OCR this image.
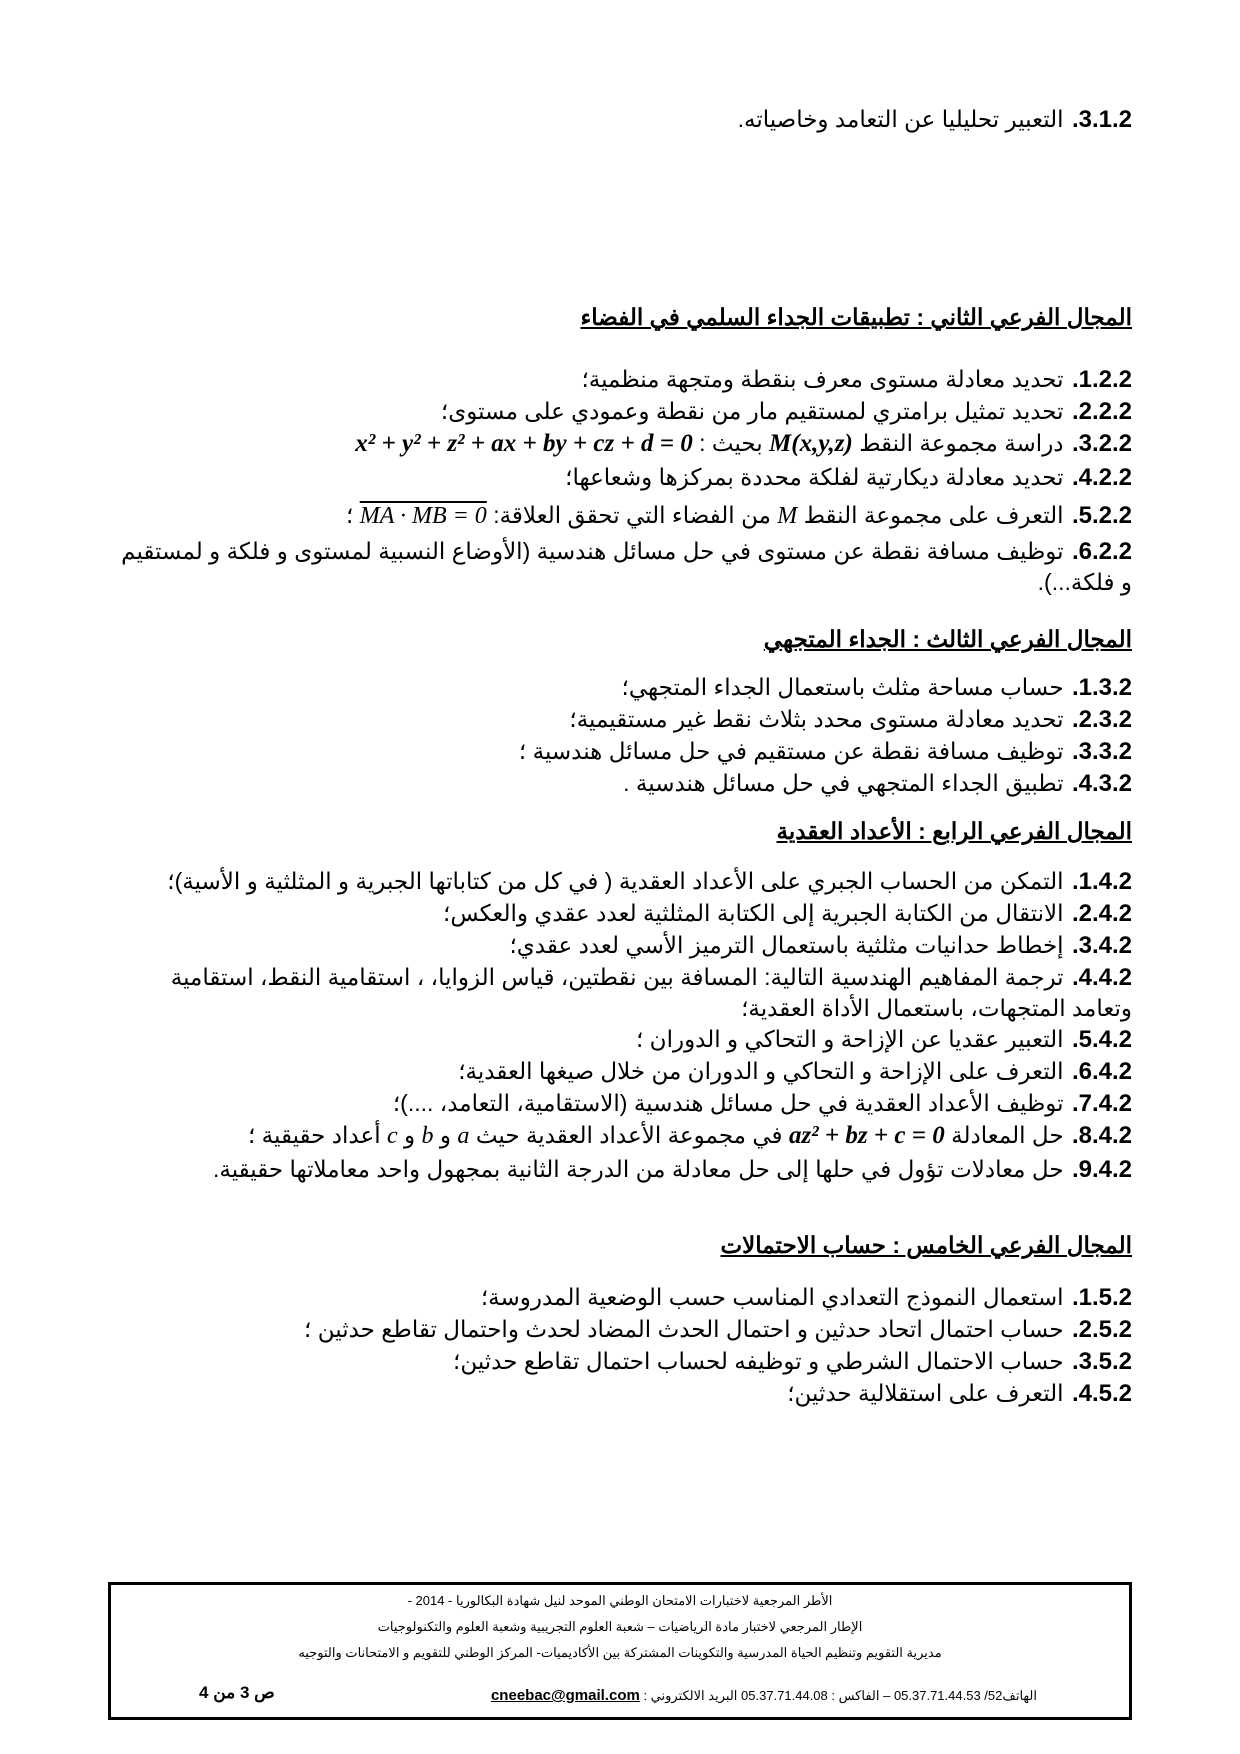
3.1.2. التعبير تحليليا عن التعامد وخاصياته.
المجال الفرعي الثاني : تطبيقات الجداء السلمي في الفضاء
1.2.2. تحديد معادلة مستوى معرف بنقطة ومتجهة منظمية؛
2.2.2. تحديد تمثيل برامتري لمستقيم مار من نقطة وعمودي على مستوى؛
3.2.2. دراسة مجموعة النقط M(x,y,z) بحيث : x² + y² + z² + ax + by + cz + d = 0
4.2.2. تحديد معادلة ديكارتية لفلكة محددة بمركزها وشعاعها؛
5.2.2. التعرف على مجموعة النقط M من الفضاء التي تحقق العلاقة: MA · MB = 0 ؛
6.2.2. توظيف مسافة نقطة عن مستوى في حل مسائل هندسية (الأوضاع النسبية لمستوى و فلكة و لمستقيم و فلكة...).
المجال الفرعي الثالث : الجداء المتجهي
1.3.2. حساب مساحة مثلث باستعمال الجداء المتجهي؛
2.3.2. تحديد معادلة مستوى محدد بثلاث نقط غير مستقيمية؛
3.3.2. توظيف مسافة نقطة عن مستقيم في حل مسائل هندسية ؛
4.3.2. تطبيق الجداء المتجهي في حل مسائل هندسية .
المجال الفرعي الرابع : الأعداد العقدية
1.4.2. التمكن من الحساب الجبري على الأعداد العقدية ( في كل من كتاباتها الجبرية و المثلثية و الأسية)؛
2.4.2. الانتقال من الكتابة الجبرية إلى الكتابة المثلثية لعدد عقدي والعكس؛
3.4.2. إخطاط حدانيات مثلثية باستعمال الترميز الأسي لعدد عقدي؛
4.4.2. ترجمة المفاهيم الهندسية التالية: المسافة بين نقطتين، قياس الزوايا، ، استقامية النقط، استقامية وتعامد المتجهات، باستعمال الأداة العقدية؛
5.4.2. التعبير عقديا عن الإزاحة و التحاكي و الدوران ؛
6.4.2. التعرف على الإزاحة و التحاكي و الدوران من خلال صيغها العقدية؛
7.4.2. توظيف الأعداد العقدية في حل مسائل هندسية (الاستقامية، التعامد، ....)؛
8.4.2. حل المعادلة az² + bz + c = 0 في مجموعة الأعداد العقدية حيث a و b و c أعداد حقيقية ؛
9.4.2. حل معادلات تؤول في حلها إلى حل معادلة من الدرجة الثانية بمجهول واحد معاملاتها حقيقية.
المجال الفرعي الخامس : حساب الاحتمالات
1.5.2. استعمال النموذج التعدادي المناسب حسب الوضعية المدروسة؛
2.5.2. حساب احتمال اتحاد حدثين و احتمال الحدث المضاد لحدث واحتمال تقاطع حدثين ؛
3.5.2. حساب الاحتمال الشرطي و توظيفه لحساب احتمال تقاطع حدثين؛
4.5.2. التعرف على استقلالية حدثين؛
الأطر المرجعية لاختبارات الامتحان الوطني الموحد لنيل شهادة البكالوريا - 2014 -
الإطار المرجعي لاختبار مادة الرياضيات – شعبة العلوم التجريبية وشعبة العلوم والتكنولوجيات
مديرية التقويم وتنظيم الحياة المدرسية والتكوينات المشتركة بين الأكاديميات- المركز الوطني للتقويم و الامتحانات والتوجيه
الهاتف52/ 05.37.71.44.53 – الفاكس : 05.37.71.44.08 البريد الالكتروني : cneebac@gmail.com
ص 3 من 4
